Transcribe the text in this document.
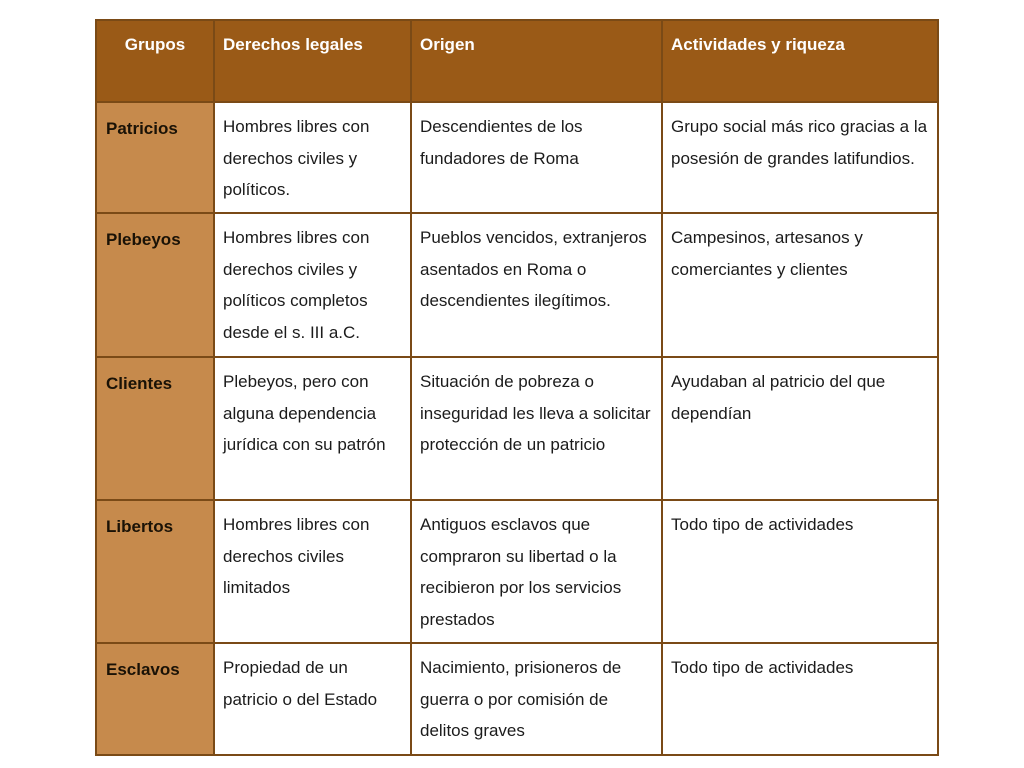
Grupos	Derechos legales	Origen	Actividades y riqueza
Patricios	Hombres libres con derechos civiles y políticos.	Descendientes de los fundadores de Roma	Grupo social más rico gracias a la posesión de grandes latifundios.
Plebeyos	Hombres libres con derechos civiles y políticos completos desde el s. III a.C.	Pueblos vencidos, extranjeros asentados en Roma o descendientes ilegítimos.	Campesinos, artesanos y comerciantes y clientes
Clientes	Plebeyos, pero con alguna dependencia jurídica con su patrón	Situación de pobreza o inseguridad les lleva a solicitar protección de un patricio	Ayudaban al patricio del que dependían
Libertos	Hombres libres con derechos civiles limitados	Antiguos esclavos que compraron su libertad o la recibieron por los servicios prestados	Todo tipo de actividades
Esclavos	Propiedad de un patricio o del Estado	Nacimiento, prisioneros de guerra o por comisión de delitos graves	Todo tipo de actividades
